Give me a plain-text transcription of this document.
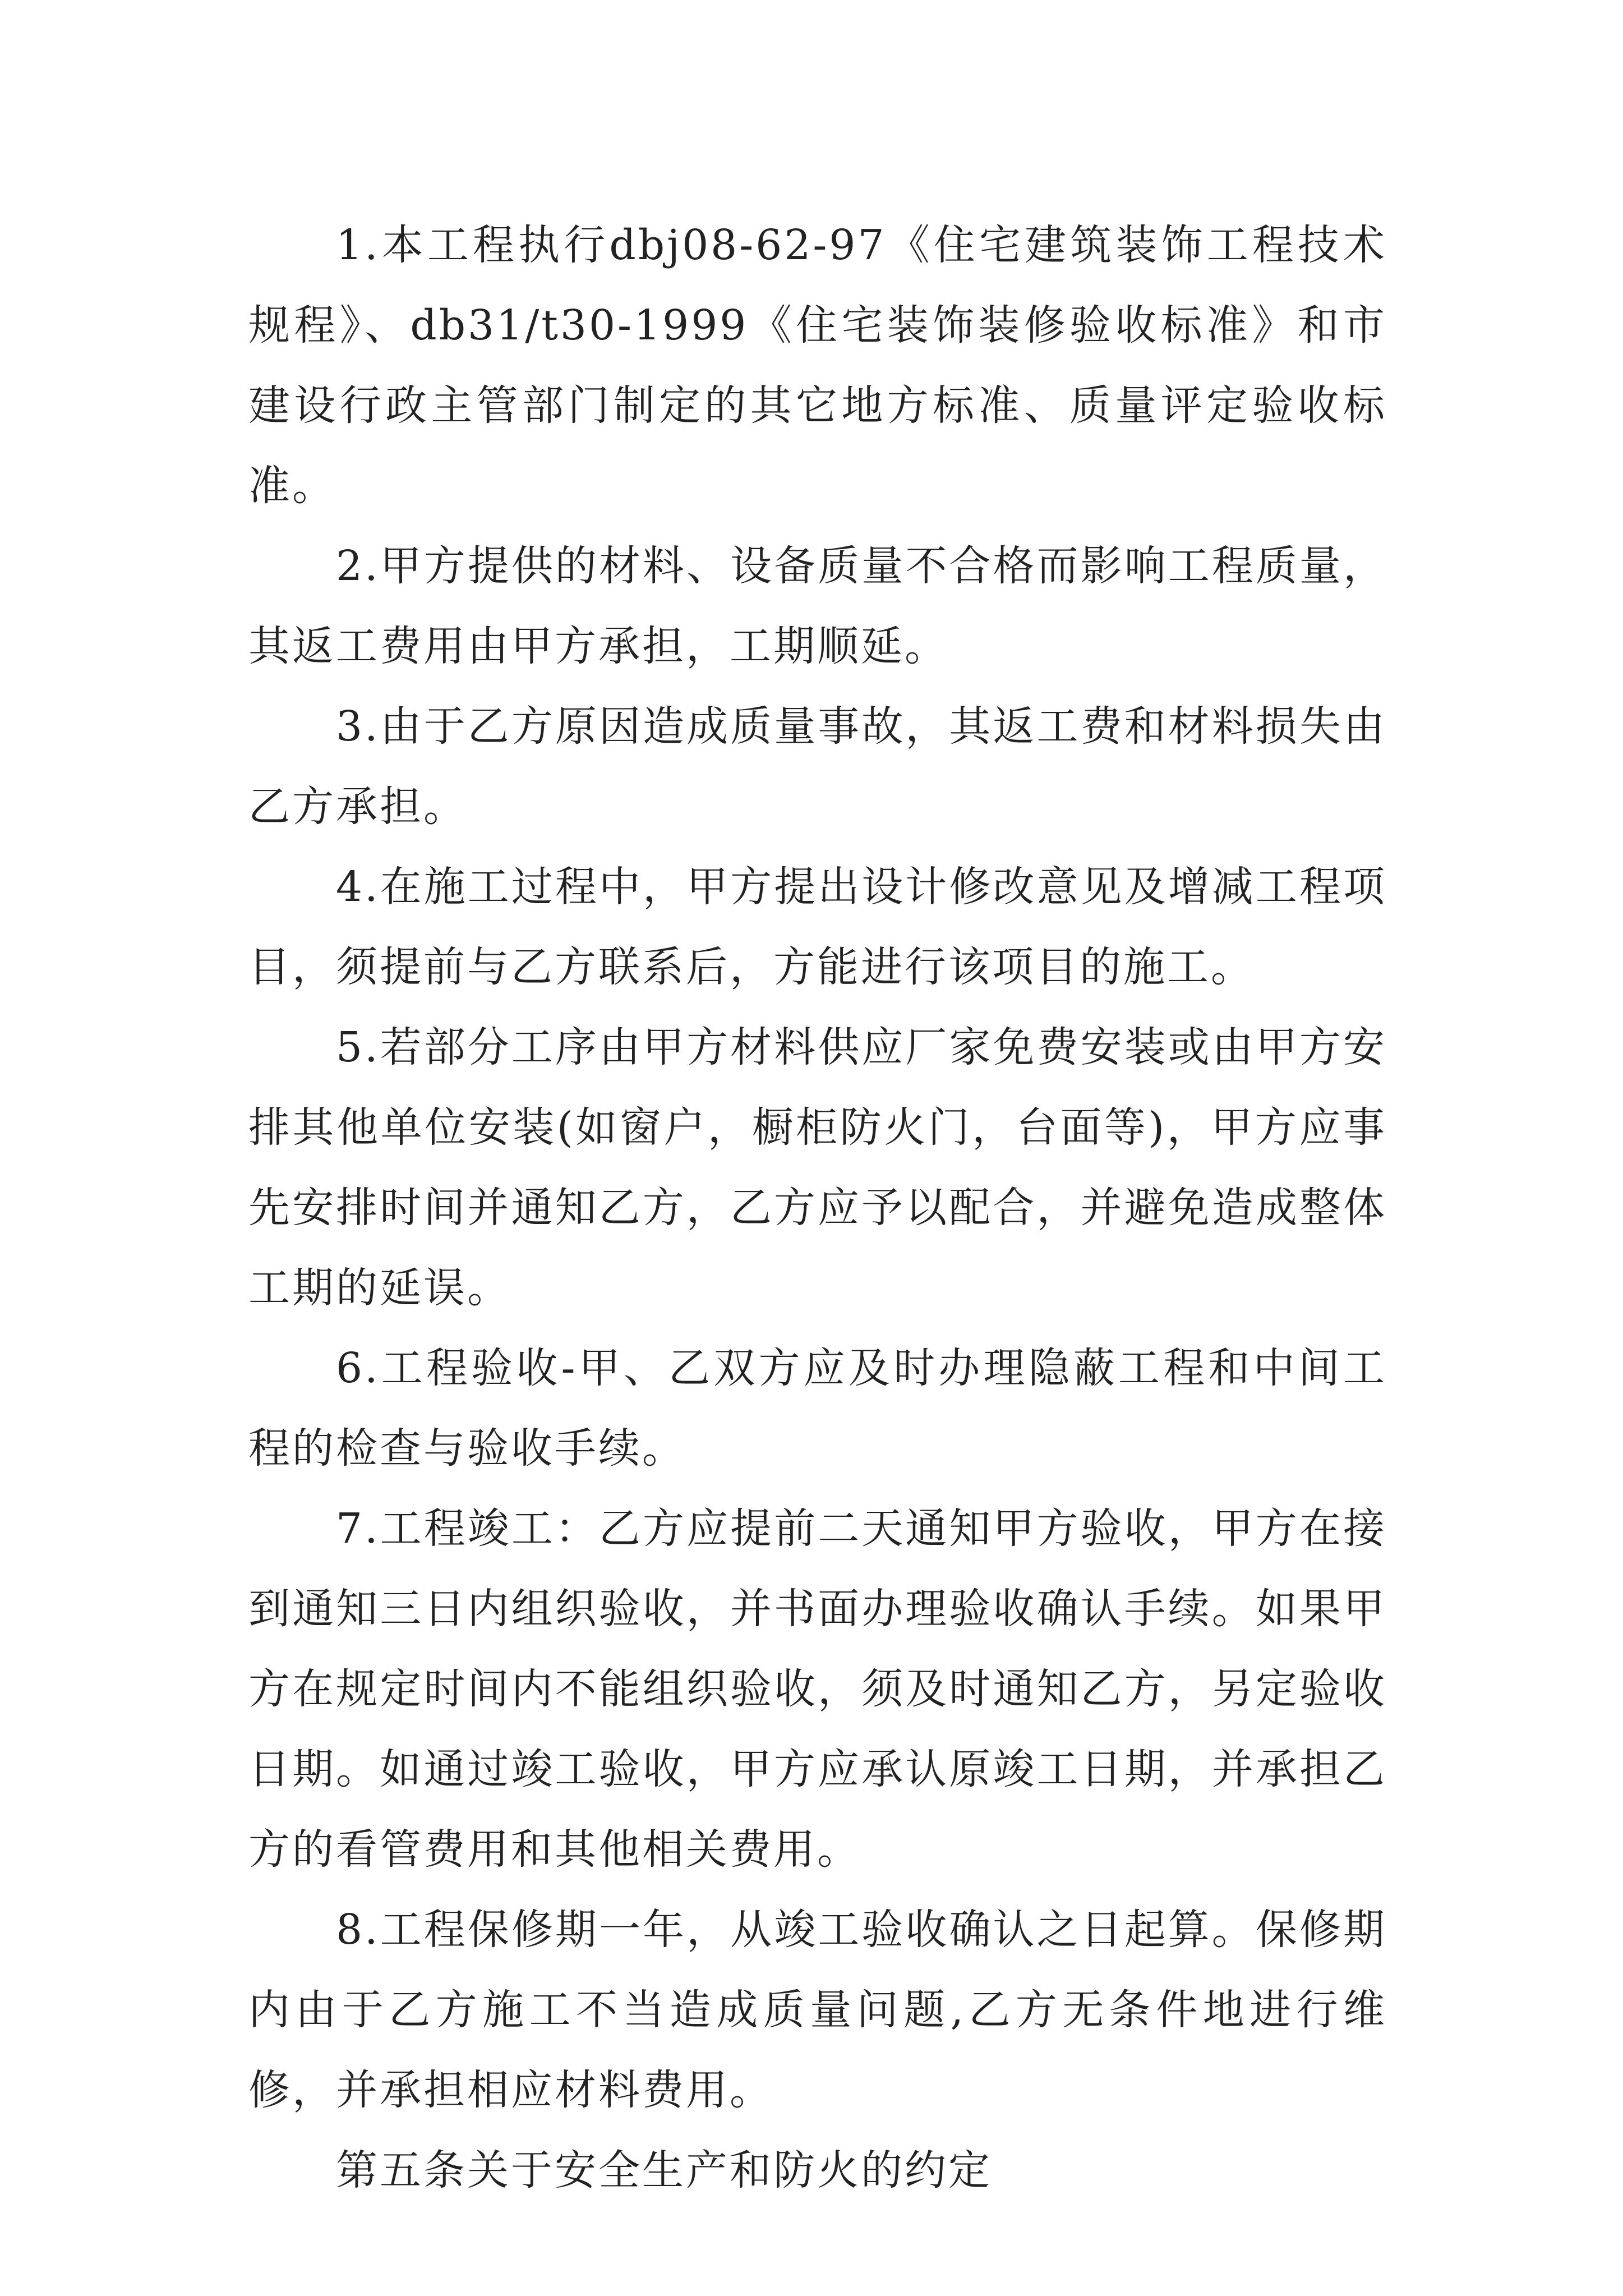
1.本工程执行dbj08-62-97《住宅建筑装饰工程技术规程》、db31/t30-1999《住宅装饰装修验收标准》和市建设行政主管部门制定的其它地方标准、质量评定验收标准。

2.甲方提供的材料、设备质量不合格而影响工程质量，其返工费用由甲方承担，工期顺延。

3.由于乙方原因造成质量事故，其返工费和材料损失由乙方承担。

4.在施工过程中，甲方提出设计修改意见及增减工程项目，须提前与乙方联系后，方能进行该项目的施工。

5.若部分工序由甲方材料供应厂家免费安装或由甲方安排其他单位安装(如窗户，橱柜防火门，台面等)，甲方应事先安排时间并通知乙方，乙方应予以配合，并避免造成整体工期的延误。

6.工程验收-甲、乙双方应及时办理隐蔽工程和中间工程的检查与验收手续。

7.工程竣工：乙方应提前二天通知甲方验收，甲方在接到通知三日内组织验收，并书面办理验收确认手续。如果甲方在规定时间内不能组织验收，须及时通知乙方，另定验收日期。如通过竣工验收，甲方应承认原竣工日期，并承担乙方的看管费用和其他相关费用。

8.工程保修期一年，从竣工验收确认之日起算。保修期内由于乙方施工不当造成质量问题,乙方无条件地进行维修，并承担相应材料费用。

第五条关于安全生产和防火的约定
